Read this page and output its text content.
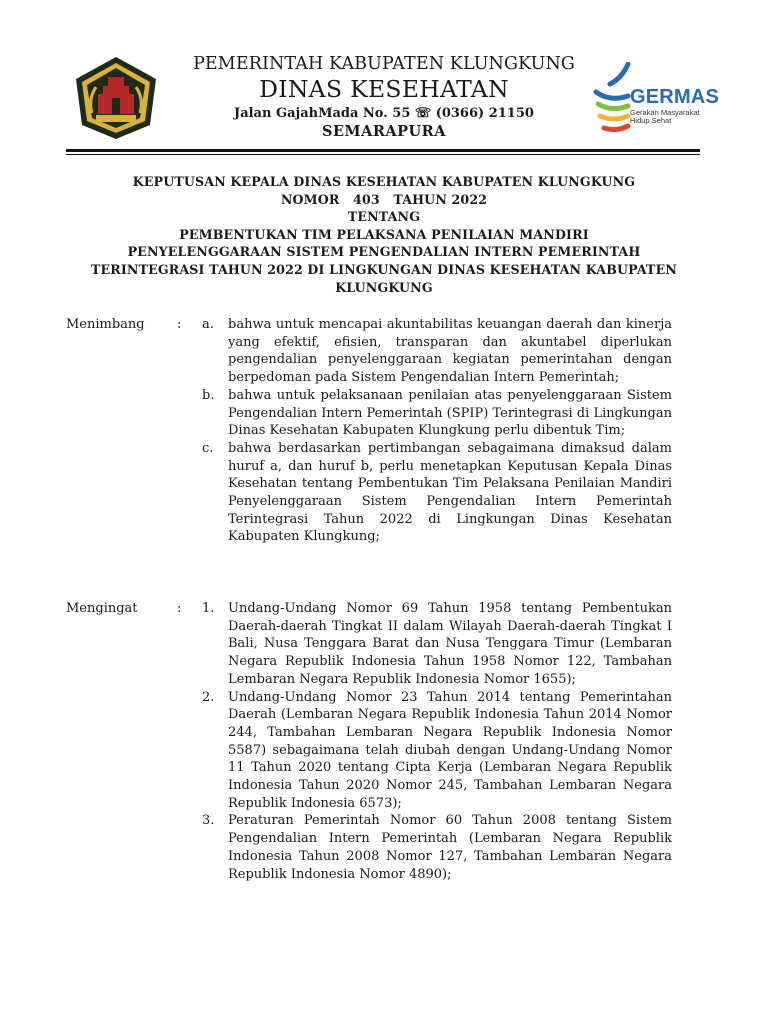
PEMERINTAH KABUPATEN KLUNGKUNG
DINAS KESEHATAN
Jalan GajahMada No. 55 ☏ (0366) 21150
SEMARAPURA
GERMAS
Gerakan Masyarakat Hidup Sehat
KEPUTUSAN KEPALA DINAS KESEHATAN KABUPATEN KLUNGKUNG
NOMOR   403   TAHUN 2022
TENTANG
PEMBENTUKAN TIM PELAKSANA PENILAIAN MANDIRI
PENYELENGGARAAN SISTEM PENGENDALIAN INTERN PEMERINTAH
TERINTEGRASI TAHUN 2022 DI LINGKUNGAN DINAS KESEHATAN KABUPATEN
KLUNGKUNG
Menimbang : a. bahwa untuk mencapai akuntabilitas keuangan daerah dan kinerja yang efektif, efisien, transparan dan akuntabel diperlukan pengendalian penyelenggaraan kegiatan pemerintahan dengan berpedoman pada Sistem Pengendalian Intern Pemerintah;
b. bahwa untuk pelaksanaan penilaian atas penyelenggaraan Sistem Pengendalian Intern Pemerintah (SPIP) Terintegrasi di Lingkungan Dinas Kesehatan Kabupaten Klungkung perlu dibentuk Tim;
c. bahwa berdasarkan pertimbangan sebagaimana dimaksud dalam huruf a, dan huruf b, perlu menetapkan Keputusan Kepala Dinas Kesehatan tentang Pembentukan Tim Pelaksana Penilaian Mandiri Penyelenggaraan Sistem Pengendalian Intern Pemerintah Terintegrasi Tahun 2022 di Lingkungan Dinas Kesehatan Kabupaten Klungkung;
Mengingat	: 1. Undang-Undang Nomor 69 Tahun 1958 tentang Pembentukan Daerah-daerah Tingkat II dalam Wilayah Daerah-daerah Tingkat I Bali, Nusa Tenggara Barat dan Nusa Tenggara Timur (Lembaran Negara Republik Indonesia Tahun 1958 Nomor 122, Tambahan Lembaran Negara Republik Indonesia Nomor 1655);
2. Undang-Undang Nomor 23 Tahun 2014 tentang Pemerintahan Daerah (Lembaran Negara Republik Indonesia Tahun 2014 Nomor 244, Tambahan Lembaran Negara Republik Indonesia Nomor 5587) sebagaimana telah diubah dengan Undang-Undang Nomor 11 Tahun 2020 tentang Cipta Kerja (Lembaran Negara Republik Indonesia Tahun 2020 Nomor 245, Tambahan Lembaran Negara Republik Indonesia 6573);
3. Peraturan Pemerintah Nomor 60 Tahun 2008 tentang Sistem Pengendalian Intern Pemerintah (Lembaran Negara Republik Indonesia Tahun 2008 Nomor 127, Tambahan Lembaran Negara Republik Indonesia Nomor 4890);
